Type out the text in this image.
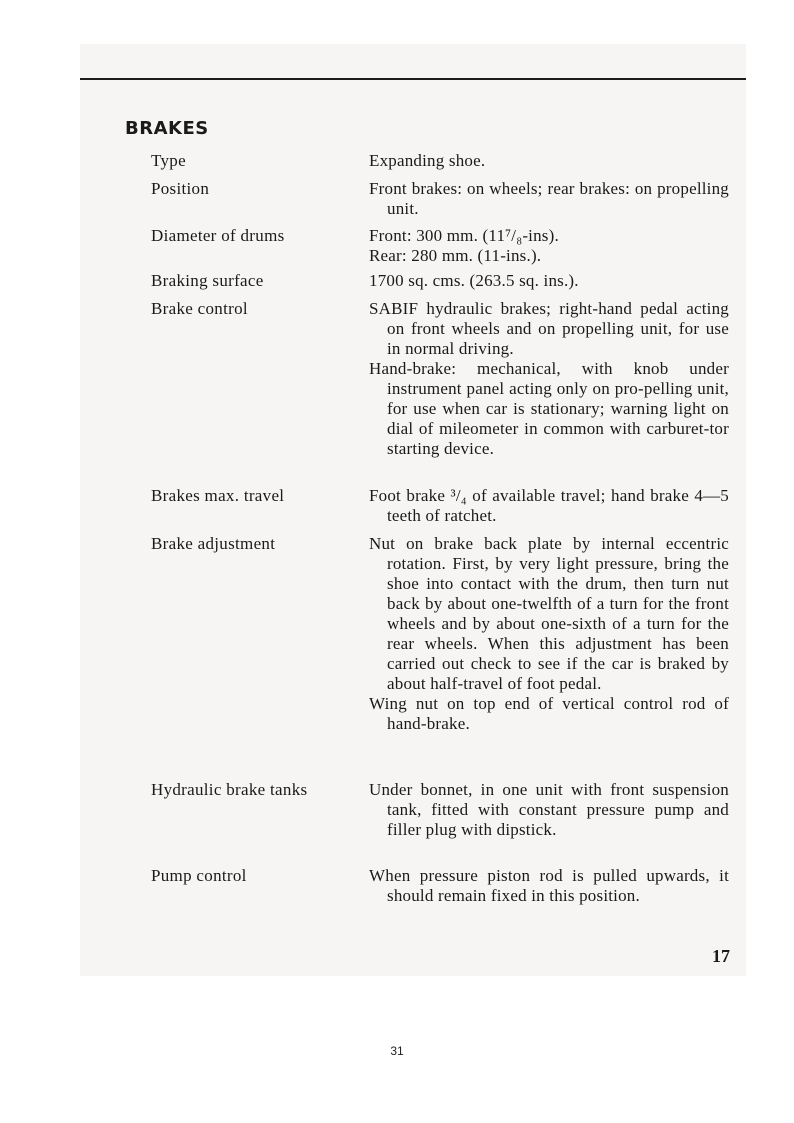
BRAKES
Type	Expanding shoe.

Position	Front brakes: on wheels; rear brakes: on propelling unit.

Diameter of drums	Front: 300 mm. (11⁷/₈-ins).

Rear: 280 mm. (11-ins.).

Braking surface	1700 sq. cms. (263.5 sq. ins.).

Brake control	SABIF hydraulic brakes; right-hand pedal acting on front wheels and on propelling unit, for use in normal driving.

Hand-brake: mechanical, with knob under instrument panel acting only on pro-pelling unit, for use when car is stationary; warning light on dial of mileometer in common with carburet-tor starting device.

Brakes max. travel	Foot brake ³/₄ of available travel; hand brake 4—5 teeth of ratchet.

Brake adjustment	Nut on brake back plate by internal eccentric rotation. First, by very light pressure, bring the shoe into contact with the drum, then turn nut back by about one-twelfth of a turn for the front wheels and by about one-sixth of a turn for the rear wheels. When this adjustment has been carried out check to see if the car is braked by about half-travel of foot pedal.

Wing nut on top end of vertical control rod of hand-brake.

Hydraulic brake tanks	Under bonnet, in one unit with front suspension tank, fitted with constant pressure pump and filler plug with dipstick.

Pump control	When pressure piston rod is pulled upwards, it should remain fixed in this position.

17
31
